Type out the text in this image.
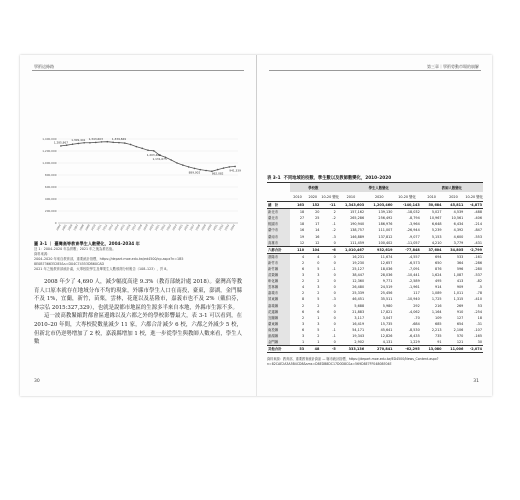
學術這條路
0
200,000
400,000
600,000
800,000
1,000,000
1,200,000
1,400,000
2004 2005 2006 2007 2008 2009 2010 2011 2012 2013 2014 2015 2016 2017 2018 2019 2020 2021 2022 2023 2024 2025 2026 2027 2028 2029 2030 2031 2032 2033 2034
1,285,867
1,309,441 1,343,603	1,339,849
1,203,460
1,131,075
889,002	862,082
941,339
圖 3-1 ｜ 臺灣高等教育學生人數變化，2004–2034 年
註 1：2004–2020 年為實數；2021 年之後為推估值。
資料來源：
2004–2020 年來自教育部，重要統計指標，https://depart.moe.edu.tw/ed4500/cp.aspx?n=1B5
8E0B736635285&s=D04C74553DB60CAD
2021 年之後教育部統計處，大專校院學生及畢業生人數預測分析報告（108–123），頁 8。

2008 年少了 4,690 人，減少幅度高達 9.3%（教育部統計處 2018）。臺灣高等教育人口原本就存在地域分布不均的現象，外縣市學生人口在南投，臺東，澎湖，金門縣不及 1%，宜蘭，新竹，苗栗，雲林，花蓮以及基隆市，嘉義市也不及 2%（戴伯芬，林宗弘 2015:327,329），也就是說都市地區的生源多半來自本地，外縣市生源不多。

這一波高教緊縮對都會區邊緣以及六都之外的學校影響最大，表 3-1 可以看到，在 2010–20 年間，大專校院數量減少 11 家，六都合計減少 6 校，六都之外減少 5 校，但新北市仍逆勢增加了 2 校，嘉義縣增加 1 校，進一步從學生與教師人數來看，學生人數

30
第三章｜學術勞動市場的崩解
表 3-1 不同地域的校數、學生數以及教師數變化，2010–2020
	學校數			學生人數變化			教師人數變化		
	2010	2020	10-20 變化	2010	2020	10-20 變化	2010	2020	10-20 變化
總　計	163	152	-11	1,343,603	1,203,460	-140,143	50,684	45,811	-4,873
新北市	18	20	2	157,162	139,130	-18,032	5,027	4,539	-488
臺北市	27	25	-2	265,286	256,492	-8,794	10,967	10,561	-406
桃園市	18	17	-1	190,940	186,976	-3,964	6,648	6,434	-214
臺中市	16	14	-2	138,757	111,007	-26,944	5,239	4,392	-847
臺南市	19	16	-3	146,889	137,812	-9,077	5,153	4,600	-553
高雄市	12	12	0	111,459	100,402	-11,057	4,210	3,779	-431
六都合計	110	104	-6	1,010,467	932,619	-77,848	37,604	34,805	-2,799
基隆市	4	4	0	16,231	11,674	-4,557	694	533	-161
新竹市	2	0	0	19,230	12,657	-6,573	650	364	-286
新竹縣	6	5	-1	25,127	18,036	-7,091	876	596	-280
苗栗縣	3	3	0	38,447	28,036	-10,441	1,624	1,087	-537
彰化縣	2	2	0	12,360	9,771	-2,589	495	413	-82
雲林縣	4	3	0	26,480	24,519	-1,961	914	909	-5
嘉義市	2	2	0	25,339	25,456	117	1,089	1,011	-78
屏東縣	8	5	-3	46,451	35,511	-10,940	1,725	1,315	-410
嘉義縣	2	2	0	5,688	5,980	292	216	269	53
花蓮縣	6	6	0	21,883	17,821	-4,062	1,164	910	-254
宜蘭縣	2	1	0	3,117	3,047	-70	109	127	18
臺東縣	3	3	0	16,419	15,735	-684	685	654	-31
南投縣	6	5	-1	54,171	45,641	-8,530	2,213	2,106	-107
澎湖縣	3	2	-1	19,343	12,826	-6,435	735	570	-165
金門縣	1	1	0	2,902	4,131	1,229	91	121	30
其他合計	53	48	-5	333,136	270,841	-62,295	13,080	11,006	-2,074
資料來源：教育部，重要教育統計資訊 — 縣市統計指標，https://depart.moe.edu.tw/ED4500/News_Content.aspx?n=82CAE2A3A5B4CD8&sms=D8EDB8DC17D0D8C&s=569D8E7FF04808E04E
31
